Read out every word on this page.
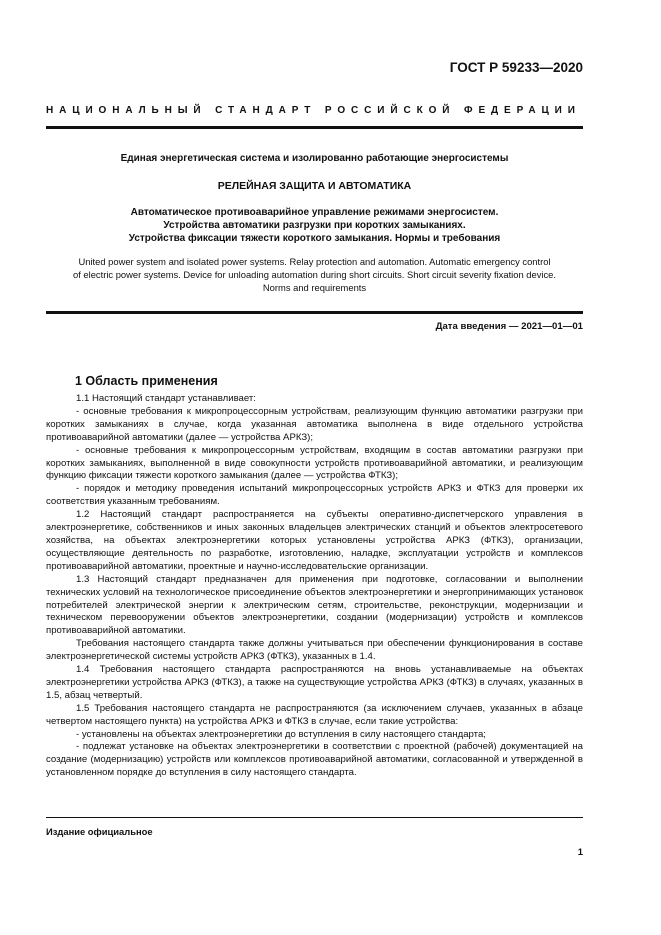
ГОСТ Р 59233—2020
НАЦИОНАЛЬНЫЙ СТАНДАРТ РОССИЙСКОЙ ФЕДЕРАЦИИ
Единая энергетическая система и изолированно работающие энергосистемы
РЕЛЕЙНАЯ ЗАЩИТА И АВТОМАТИКА
Автоматическое противоаварийное управление режимами энергосистем.
Устройства автоматики разгрузки при коротких замыканиях.
Устройства фиксации тяжести короткого замыкания. Нормы и требования
United power system and isolated power systems. Relay protection and automation. Automatic emergency control
of electric power systems. Device for unloading automation during short circuits. Short circuit severity fixation device.
Norms and requirements
Дата введения — 2021—01—01
1 Область применения

1.1 Настоящий стандарт устанавливает:

- основные требования к микропроцессорным устройствам, реализующим функцию автоматики разгрузки при коротких замыканиях в случае, когда указанная автоматика выполнена в виде отдельного устройства противоаварийной автоматики (далее — устройства АРКЗ);

- основные требования к микропроцессорным устройствам, входящим в состав автоматики разгрузки при коротких замыканиях, выполненной в виде совокупности устройств противоаварийной автоматики, и реализующим функцию фиксации тяжести короткого замыкания (далее — устройства ФТКЗ);

- порядок и методику проведения испытаний микропроцессорных устройств АРКЗ и ФТКЗ для проверки их соответствия указанным требованиям.

1.2 Настоящий стандарт распространяется на субъекты оперативно-диспетчерского управления в электроэнергетике, собственников и иных законных владельцев электрических станций и объектов электросетевого хозяйства, на объектах электроэнергетики которых установлены устройства АРКЗ (ФТКЗ), организации, осуществляющие деятельность по разработке, изготовлению, наладке, эксплуатации устройств и комплексов противоаварийной автоматики, проектные и научно-исследовательские организации.

1.3 Настоящий стандарт предназначен для применения при подготовке, согласовании и выполнении технических условий на технологическое присоединение объектов электроэнергетики и энергопринимающих установок потребителей электрической энергии к электрическим сетям, строительстве, реконструкции, модернизации и техническом перевооружении объектов электроэнергетики, создании (модернизации) устройств и комплексов противоаварийной автоматики.

Требования настоящего стандарта также должны учитываться при обеспечении функционирования в составе электроэнергетической системы устройств АРКЗ (ФТКЗ), указанных в 1.4.

1.4 Требования настоящего стандарта распространяются на вновь устанавливаемые на объектах электроэнергетики устройства АРКЗ (ФТКЗ), а также на существующие устройства АРКЗ (ФТКЗ) в случаях, указанных в 1.5, абзац четвертый.

1.5 Требования настоящего стандарта не распространяются (за исключением случаев, указанных в абзаце четвертом настоящего пункта) на устройства АРКЗ и ФТКЗ в случае, если такие устройства:

- установлены на объектах электроэнергетики до вступления в силу настоящего стандарта;

- подлежат установке на объектах электроэнергетики в соответствии с проектной (рабочей) документацией на создание (модернизацию) устройств или комплексов противоаварийной автоматики, согласованной и утвержденной в установленном порядке до вступления в силу настоящего стандарта.

Издание официальное
1
